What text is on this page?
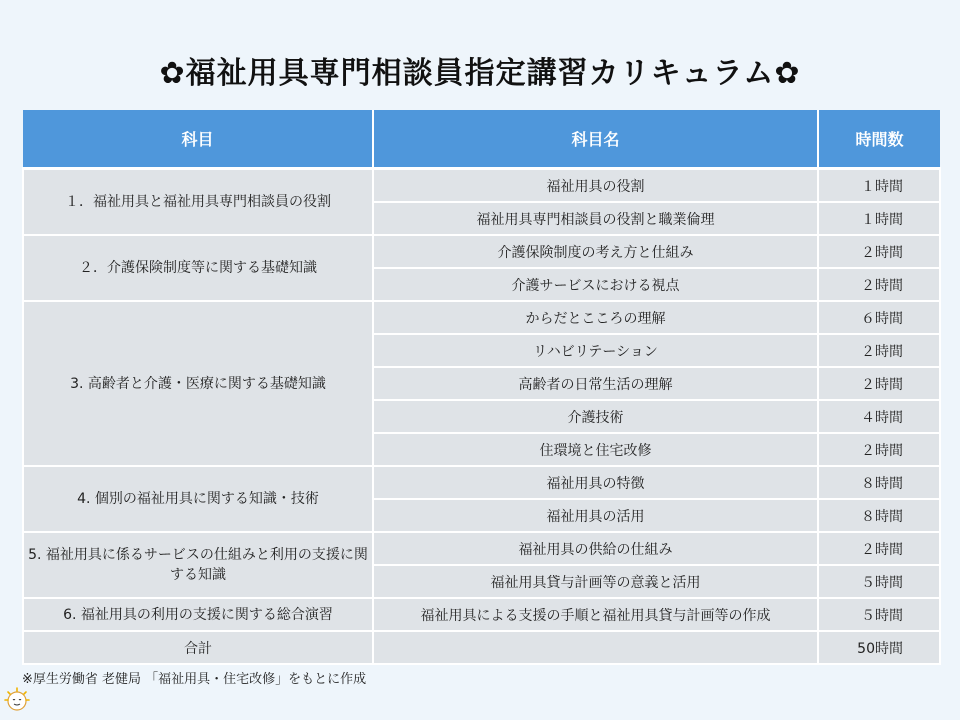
✿福祉用具専門相談員指定講習カリキュラム✿
科目	科目名	時間数
１．福祉用具と福祉用具専門相談員の役割	福祉用具の役割	１時間
	福祉用具専門相談員の役割と職業倫理	１時間
２．介護保険制度等に関する基礎知識	介護保険制度の考え方と仕組み	２時間
	介護サービスにおける視点	２時間
3. 高齢者と介護・医療に関する基礎知識	からだとこころの理解	６時間
	リハビリテーション	２時間
	高齢者の日常生活の理解	２時間
	介護技術	４時間
	住環境と住宅改修	２時間
4. 個別の福祉用具に関する知識・技術	福祉用具の特徴	８時間
	福祉用具の活用	８時間
5. 福祉用具に係るサービスの仕組みと利用の支援に関する知識	福祉用具の供給の仕組み	２時間
	福祉用具貸与計画等の意義と活用	５時間
6. 福祉用具の利用の支援に関する総合演習	福祉用具による支援の手順と福祉用具貸与計画等の作成	５時間
合計		50時間
※厚生労働省 老健局 「福祉用具・住宅改修」をもとに作成
